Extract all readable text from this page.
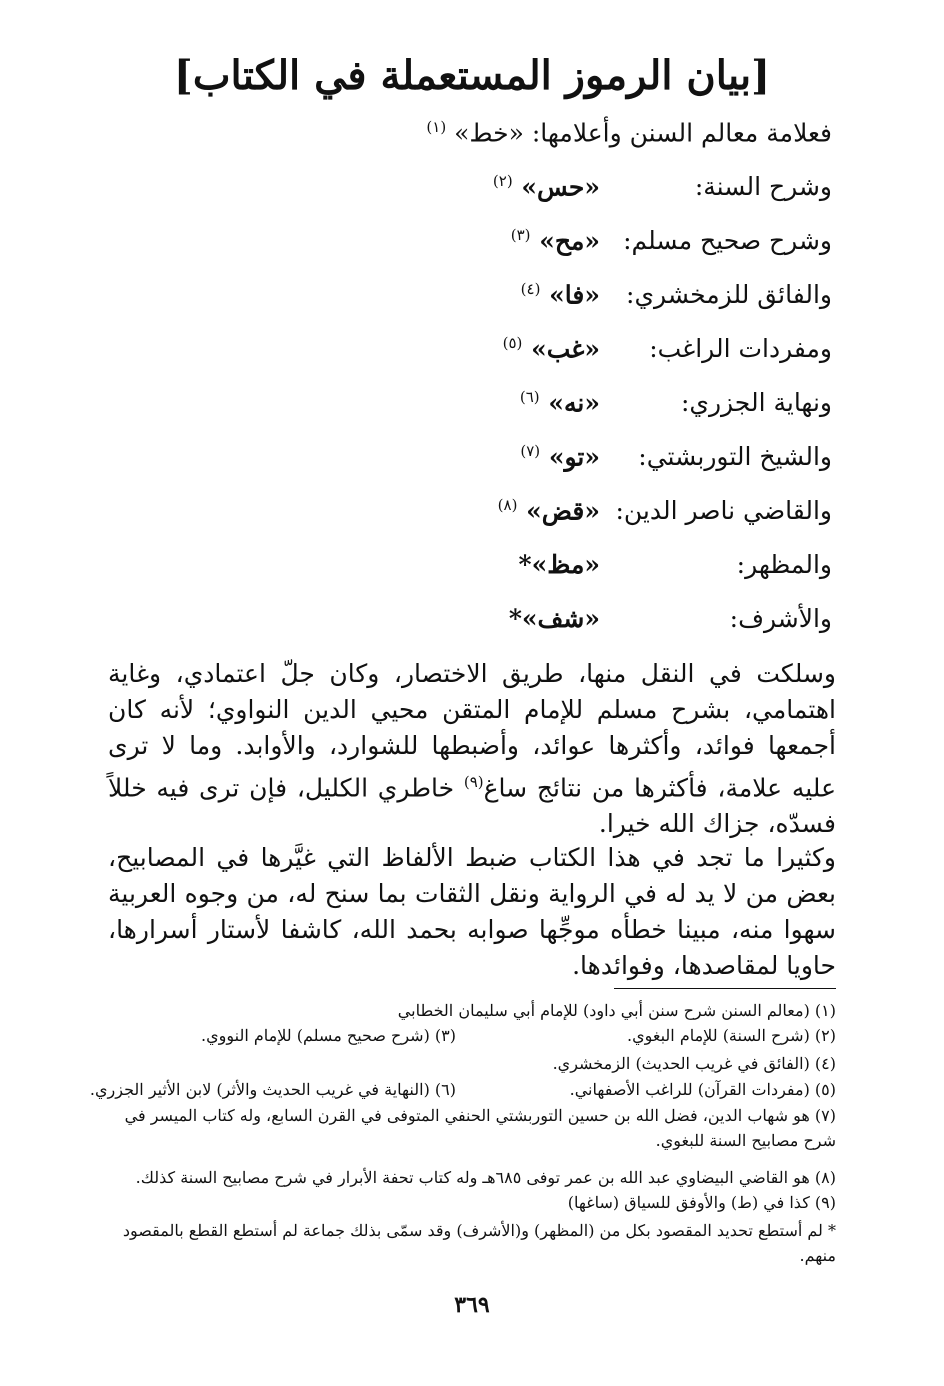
[بيان الرموز المستعملة في الكتاب]
فعلامة معالم السنن وأعلامها: «خط» $^{(١)}$
وشرح السنة:
«حس» $^{(٢)}$
وشرح صحيح مسلم:
«مح» $^{(٣)}$
والفائق للزمخشري:
«فا» $^{(٤)}$
ومفردات الراغب:
«غب» $^{(٥)}$
ونهاية الجزري:
«نه» $^{(٦)}$
والشيخ التوربشتي:
«تو» $^{(٧)}$
والقاضي ناصر الدين:
«قض» $^{(٨)}$
والمظهر:
«مظ»*
والأشرف:
«شف»*
وسلكت في النقل منها، طريق الاختصار، وكان جلّ اعتمادي، وغاية اهتمامي، بشرح مسلم للإمام المتقن محيي الدين النواوي؛ لأنه كان أجمعها فوائد، وأكثرها عوائد، وأضبطها للشوارد، والأوابد. وما لا ترى عليه علامة، فأكثرها من نتائج ساغ$^{(٩)}$ خاطري الكليل، فإن ترى فيه خللاً فسدّه، جزاك الله خيرا.
وكثيرا ما تجد في هذا الكتاب ضبط الألفاظ التي غيَّرها في المصابيح، بعض من لا يد له في الرواية ونقل الثقات بما سنح له، من وجوه العربية سهوا منه، مبينا خطأه موجِّها صوابه بحمد الله، كاشفا لأستار أسرارها، حاويا لمقاصدها، وفوائدها.
(١) (معالم السنن شرح سنن أبي داود) للإمام أبي سليمان الخطابي
(٢) (شرح السنة) للإمام البغوي.
(٣) (شرح صحيح مسلم) للإمام النووي.
(٤) (الفائق في غريب الحديث) الزمخشري.
(٥) (مفردات القرآن) للراغب الأصفهاني.
(٦) (النهاية في غريب الحديث والأثر) لابن الأثير الجزري.
(٧) هو شهاب الدين، فضل الله بن حسين التوربشتي الحنفي المتوفى في القرن السابع، وله كتاب الميسر في شرح مصابيح السنة للبغوي.
(٨) هو القاضي البيضاوي عبد الله بن عمر توفى ٦٨٥هـ وله كتاب تحفة الأبرار في شرح مصابيح السنة كذلك.
(٩) كذا في (ط) والأوفق للسياق (ساغها)
* لم أستطع تحديد المقصود بكل من (المظهر) و(الأشرف) وقد سمّى بذلك جماعة لم أستطع القطع بالمقصود منهم.
٣٦٩
